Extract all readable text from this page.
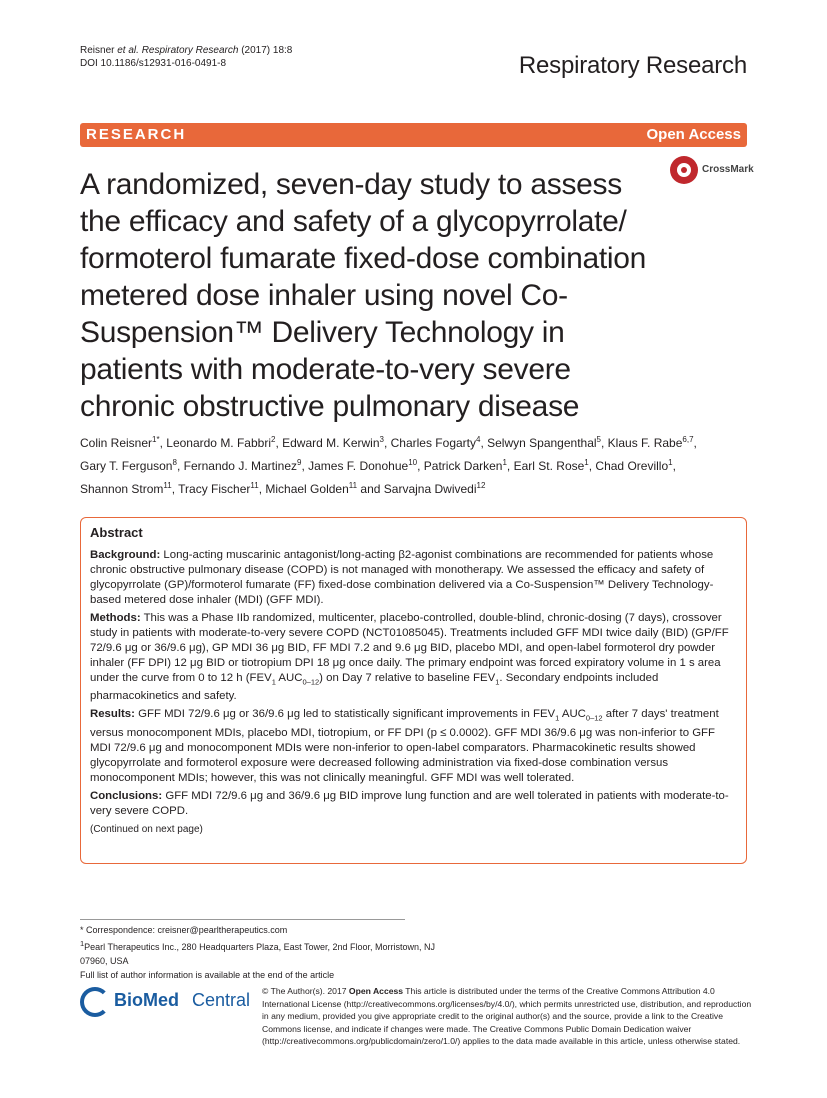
Reisner et al. Respiratory Research (2017) 18:8
DOI 10.1186/s12931-016-0491-8	Respiratory Research
RESEARCH	Open Access
CrossMark
A randomized, seven-day study to assess
the efficacy and safety of a glycopyrrolate/
formoterol fumarate fixed-dose combination
metered dose inhaler using novel Co-
Suspension™ Delivery Technology in
patients with moderate-to-very severe
chronic obstructive pulmonary disease
Colin Reisner$^{1*}$, Leonardo M. Fabbri$^2$, Edward M. Kerwin$^3$, Charles Fogarty$^4$, Selwyn Spangenthal$^5$, Klaus F. Rabe$^{6,7}$,
Gary T. Ferguson$^8$, Fernando J. Martinez$^9$, James F. Donohue$^{10}$, Patrick Darken$^1$, Earl St. Rose$^1$, Chad Orevillo$^1$,
Shannon Strom$^{11}$, Tracy Fischer$^{11}$, Michael Golden$^{11}$ and Sarvajna Dwivedi$^{12}$
Abstract

Background: Long-acting muscarinic antagonist/long-acting β2-agonist combinations are recommended for patients whose chronic obstructive pulmonary disease (COPD) is not managed with monotherapy. We assessed the efficacy and safety of glycopyrrolate (GP)/formoterol fumarate (FF) fixed-dose combination delivered via a Co-Suspension™ Delivery Technology-based metered dose inhaler (MDI) (GFF MDI).

Methods: This was a Phase IIb randomized, multicenter, placebo-controlled, double-blind, chronic-dosing (7 days), crossover study in patients with moderate-to-very severe COPD (NCT01085045). Treatments included GFF MDI twice daily (BID) (GP/FF 72/9.6 μg or 36/9.6 μg), GP MDI 36 μg BID, FF MDI 7.2 and 9.6 μg BID, placebo MDI, and open-label formoterol dry powder inhaler (FF DPI) 12 μg BID or tiotropium DPI 18 μg once daily. The primary endpoint was forced expiratory volume in 1 s area under the curve from 0 to 12 h ($FEV_1$ $AUC_{0-12}$) on Day 7 relative to baseline $FEV_1$. Secondary endpoints included pharmacokinetics and safety.

Results: GFF MDI 72/9.6 μg or 36/9.6 μg led to statistically significant improvements in $FEV_1$ $AUC_{0-12}$ after 7 days' treatment versus monocomponent MDIs, placebo MDI, tiotropium, or FF DPI (p ≤ 0.0002). GFF MDI 36/9.6 μg was non-inferior to GFF MDI 72/9.6 μg and monocomponent MDIs were non-inferior to open-label comparators. Pharmacokinetic results showed glycopyrrolate and formoterol exposure were decreased following administration via fixed-dose combination versus monocomponent MDIs; however, this was not clinically meaningful. GFF MDI was well tolerated.

Conclusions: GFF MDI 72/9.6 μg and 36/9.6 μg BID improve lung function and are well tolerated in patients with moderate-to-very severe COPD.

(Continued on next page)
* Correspondence: creisner@pearltherapeutics.com
$^1$Pearl Therapeutics Inc., 280 Headquarters Plaza, East Tower, 2nd Floor, Morristown, NJ 07960, USA
Full list of author information is available at the end of the article
BioMed Central © The Author(s). 2017 Open Access This article is distributed under the terms of the Creative Commons Attribution 4.0 International License (http://creativecommons.org/licenses/by/4.0/), which permits unrestricted use, distribution, and reproduction in any medium, provided you give appropriate credit to the original author(s) and the source, provide a link to the Creative Commons license, and indicate if changes were made. The Creative Commons Public Domain Dedication waiver (http://creativecommons.org/publicdomain/zero/1.0/) applies to the data made available in this article, unless otherwise stated.
